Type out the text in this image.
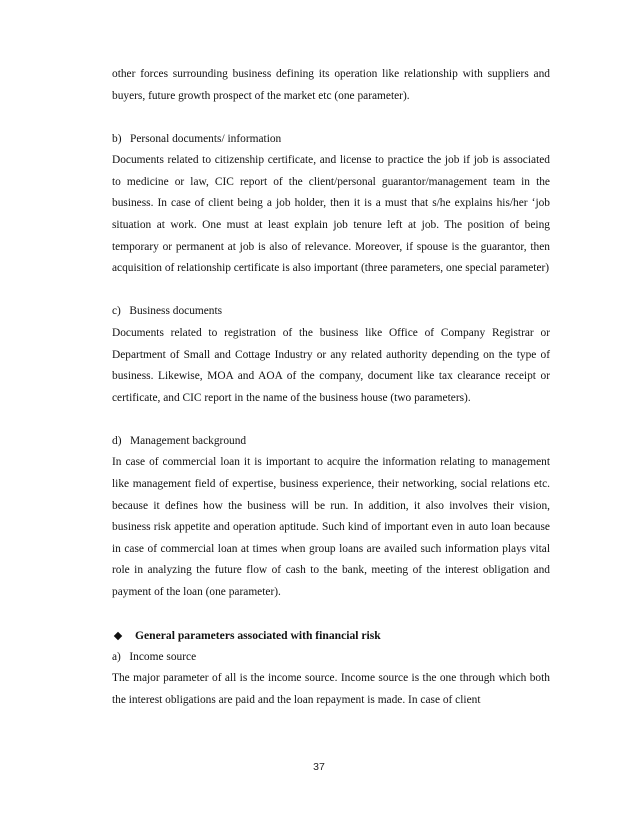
other forces surrounding business defining its operation like relationship with suppliers and buyers, future growth prospect of the market etc (one parameter).

b)   Personal documents/ information

Documents related to citizenship certificate, and license to practice the job if job is associated to medicine or law, CIC report of the client/personal guarantor/management team in the business. In case of client being a job holder, then it is a must that s/he explains his/her ‘job situation at work. One must at least explain job tenure left at job. The position of being temporary or permanent at job is also of relevance. Moreover, if spouse is the guarantor, then acquisition of relationship certificate is also important (three parameters, one special parameter)

c)   Business documents

Documents related to registration of the business like Office of Company Registrar or Department of Small and Cottage Industry or any related authority depending on the type of business. Likewise, MOA and AOA of the company, document like tax clearance receipt or certificate, and CIC report in the name of the business house (two parameters).

d)   Management background

In case of commercial loan it is important to acquire the information relating to management like management field of expertise, business experience, their networking, social relations etc. because it defines how the business will be run. In addition, it also involves their vision, business risk appetite and operation aptitude. Such kind of important even in auto loan because in case of commercial loan at times when group loans are availed such information plays vital role in analyzing the future flow of cash to the bank, meeting of the interest obligation and payment of the loan (one parameter).

General parameters associated with financial risk

a)   Income source

The major parameter of all is the income source. Income source is the one through which both the interest obligations are paid and the loan repayment is made. In case of client

37
